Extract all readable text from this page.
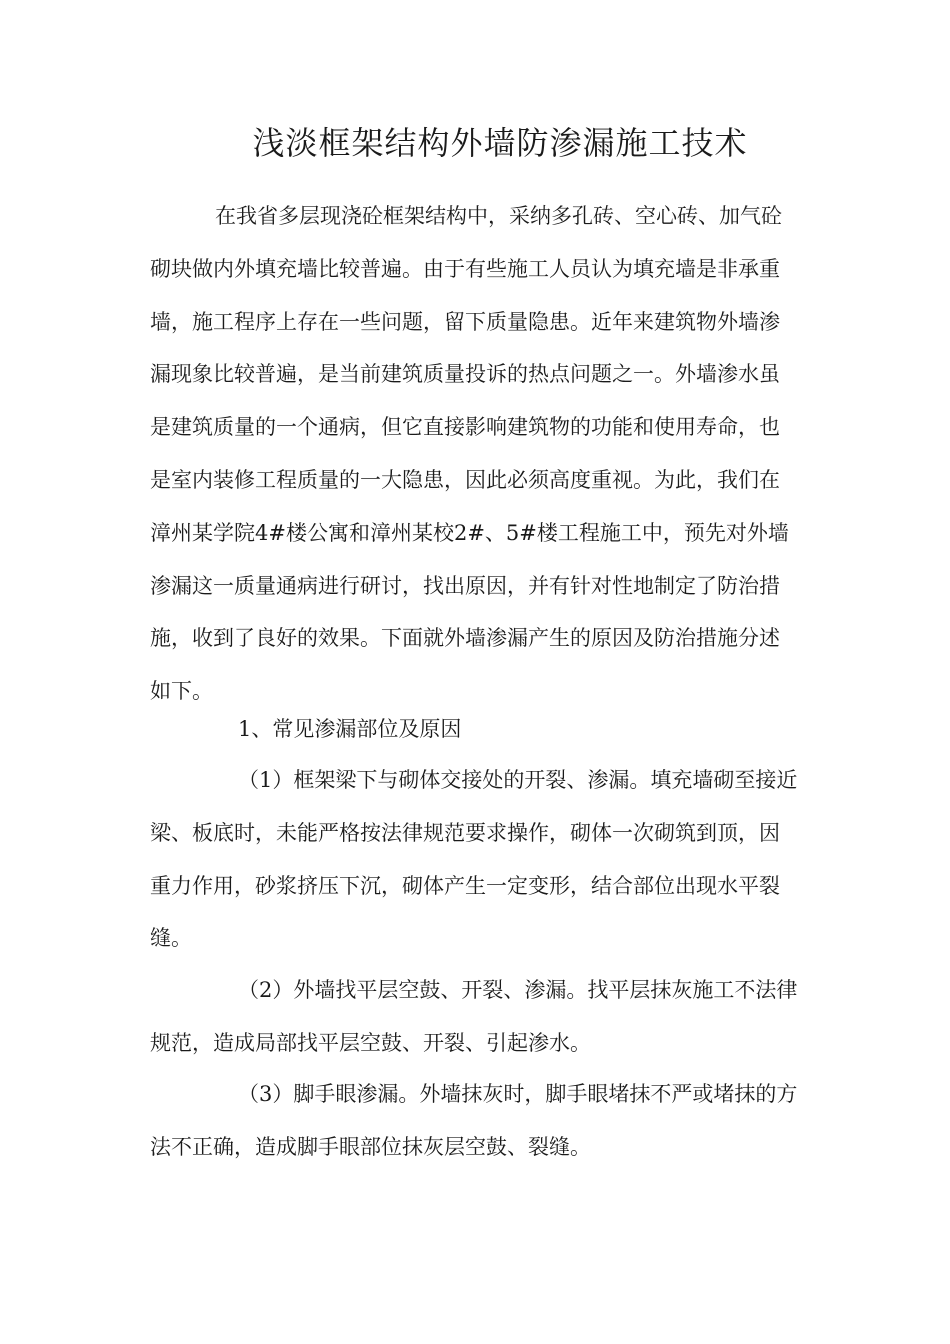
浅淡框架结构外墙防渗漏施工技术

在我省多层现浇砼框架结构中，采纳多孔砖、空心砖、加气砼砌块做内外填充墙比较普遍。由于有些施工人员认为填充墙是非承重墙，施工程序上存在一些问题，留下质量隐患。近年来建筑物外墙渗漏现象比较普遍，是当前建筑质量投诉的热点问题之一。外墙渗水虽是建筑质量的一个通病，但它直接影响建筑物的功能和使用寿命，也是室内装修工程质量的一大隐患，因此必须高度重视。为此，我们在漳州某学院4#楼公寓和漳州某校2#、5#楼工程施工中，预先对外墙渗漏这一质量通病进行研讨，找出原因，并有针对性地制定了防治措施，收到了良好的效果。下面就外墙渗漏产生的原因及防治措施分述如下。

1、常见渗漏部位及原因

（1）框架梁下与砌体交接处的开裂、渗漏。填充墙砌至接近梁、板底时，未能严格按法律规范要求操作，砌体一次砌筑到顶，因重力作用，砂浆挤压下沉，砌体产生一定变形，结合部位出现水平裂缝。

（2）外墙找平层空鼓、开裂、渗漏。找平层抹灰施工不法律规范，造成局部找平层空鼓、开裂、引起渗水。

（3）脚手眼渗漏。外墙抹灰时，脚手眼堵抹不严或堵抹的方法不正确，造成脚手眼部位抹灰层空鼓、裂缝。
